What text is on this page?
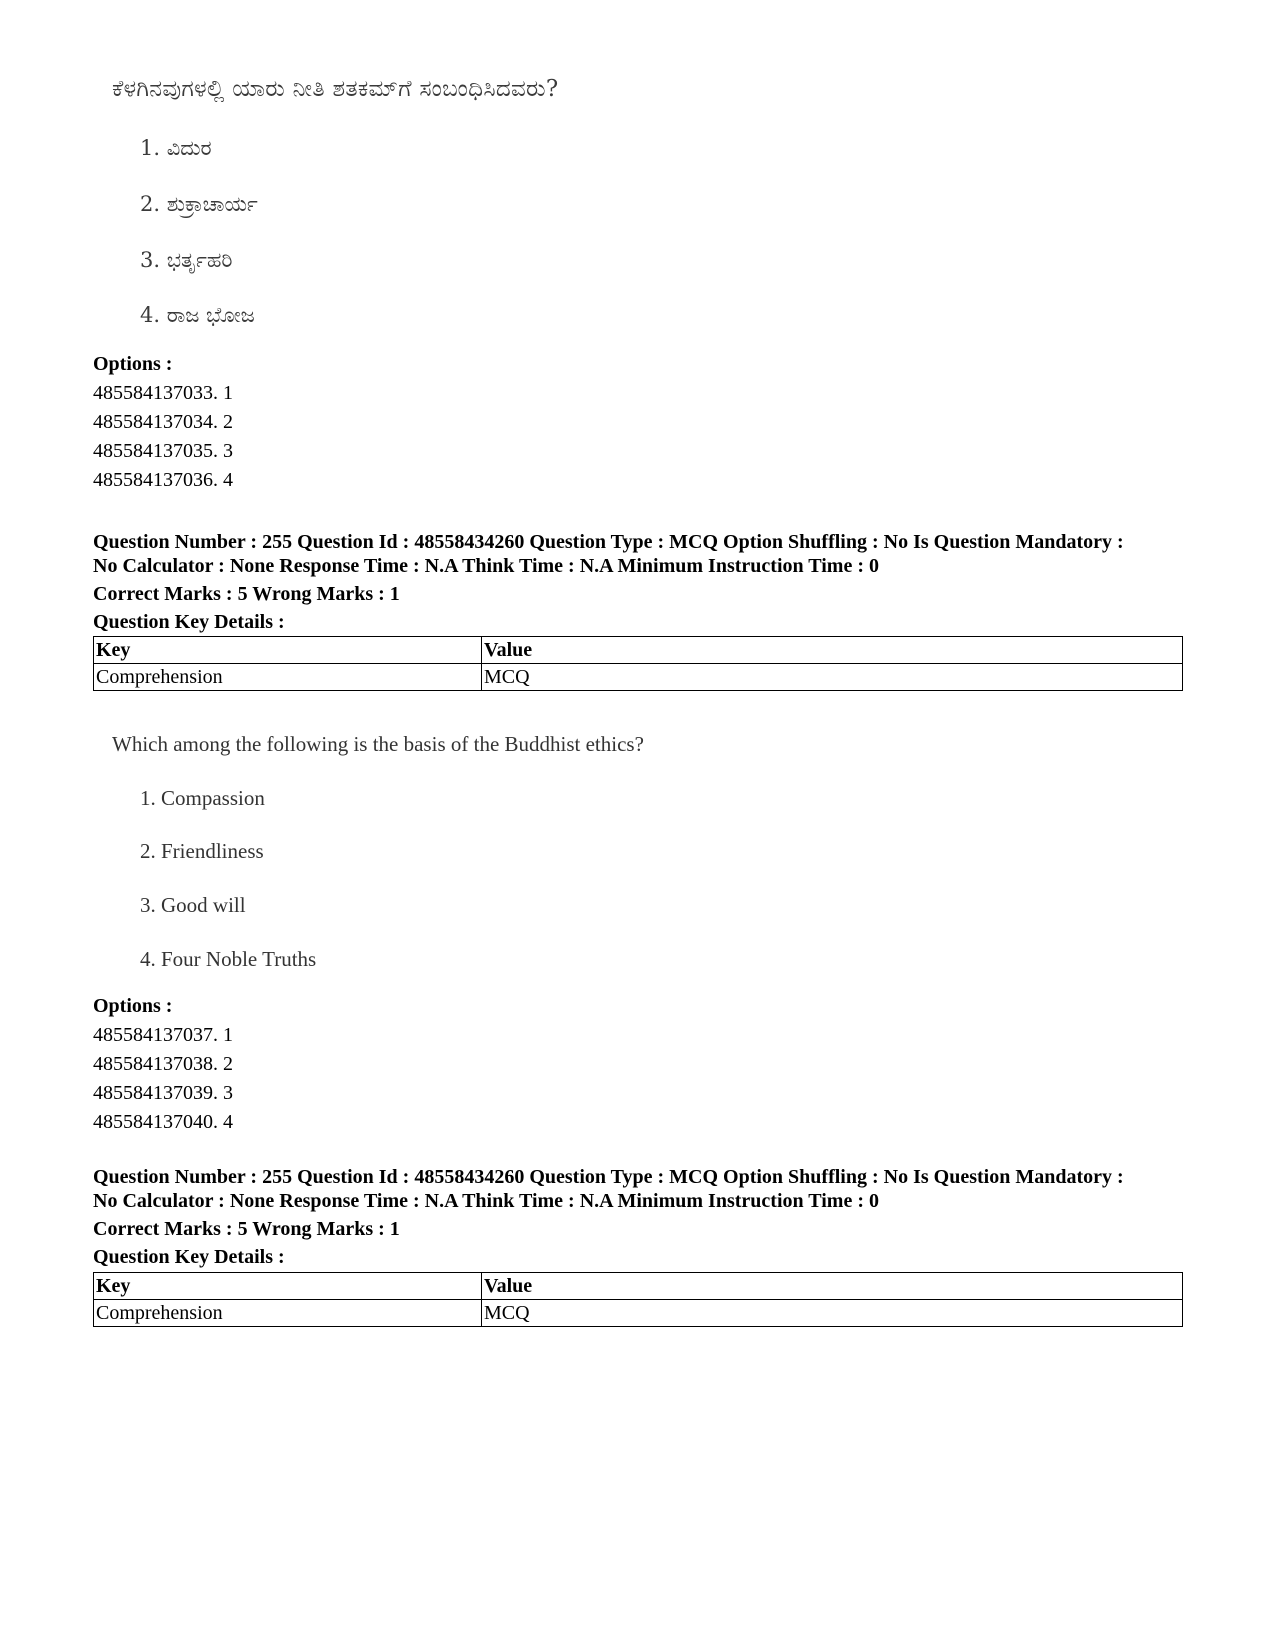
ಕೆಳಗಿನವುಗಳಲ್ಲಿ ಯಾರು ನೀತಿ ಶತಕಮ್‌ಗೆ ಸಂಬಂಧಿಸಿದವರು?
1. ವಿದುರ
2. ಶುಕ್ರಾಚಾರ್ಯ
3. ಭರ್ತೃಹರಿ
4. ರಾಜ ಭೋಜ
Options :
485584137033. 1
485584137034. 2
485584137035. 3
485584137036. 4
Question Number : 255 Question Id : 48558434260 Question Type : MCQ Option Shuffling : No Is Question Mandatory :
No Calculator : None Response Time : N.A Think Time : N.A Minimum Instruction Time : 0
Correct Marks : 5 Wrong Marks : 1
Question Key Details :
Key	Value
Comprehension	MCQ
Which among the following is the basis of the Buddhist ethics?
1. Compassion
2. Friendliness
3. Good will
4. Four Noble Truths
Options :
485584137037. 1
485584137038. 2
485584137039. 3
485584137040. 4
Question Number : 255 Question Id : 48558434260 Question Type : MCQ Option Shuffling : No Is Question Mandatory :
No Calculator : None Response Time : N.A Think Time : N.A Minimum Instruction Time : 0
Correct Marks : 5 Wrong Marks : 1
Question Key Details :
Key	Value
Comprehension	MCQ
